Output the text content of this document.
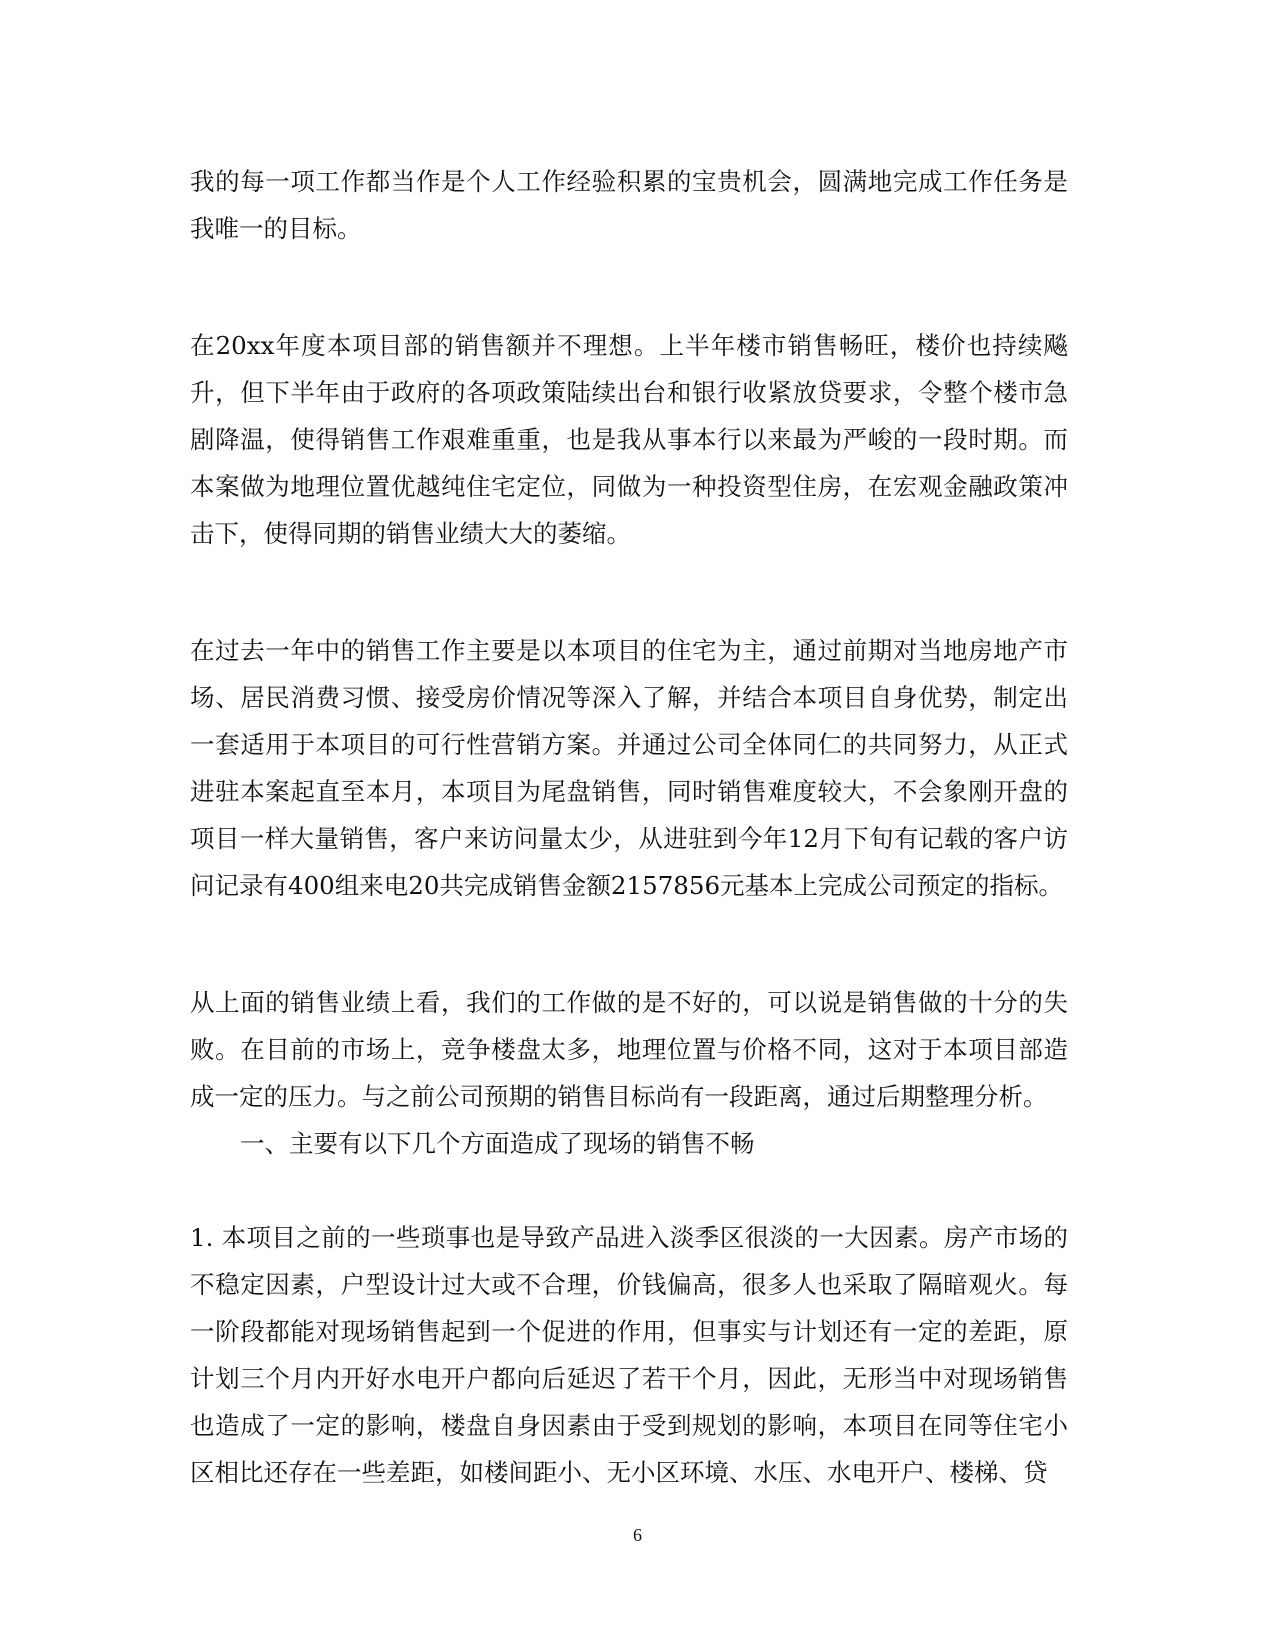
我的每一项工作都当作是个人工作经验积累的宝贵机会，圆满地完成工作任务是我唯一的目标。

在20xx年度本项目部的销售额并不理想。上半年楼市销售畅旺，楼价也持续飚升，但下半年由于政府的各项政策陆续出台和银行收紧放贷要求，令整个楼市急剧降温，使得销售工作艰难重重，也是我从事本行以来最为严峻的一段时期。而本案做为地理位置优越纯住宅定位，同做为一种投资型住房，在宏观金融政策冲击下，使得同期的销售业绩大大的萎缩。

在过去一年中的销售工作主要是以本项目的住宅为主，通过前期对当地房地产市场、居民消费习惯、接受房价情况等深入了解，并结合本项目自身优势，制定出一套适用于本项目的可行性营销方案。并通过公司全体同仁的共同努力，从正式进驻本案起直至本月，本项目为尾盘销售，同时销售难度较大，不会象刚开盘的项目一样大量销售，客户来访问量太少，从进驻到今年12月下旬有记载的客户访问记录有400组来电20共完成销售金额2157856元基本上完成公司预定的指标。

从上面的销售业绩上看，我们的工作做的是不好的，可以说是销售做的十分的失败。在目前的市场上，竞争楼盘太多，地理位置与价格不同，这对于本项目部造成一定的压力。与之前公司预期的销售目标尚有一段距离，通过后期整理分析。

一、主要有以下几个方面造成了现场的销售不畅

1. 本项目之前的一些琐事也是导致产品进入淡季区很淡的一大因素。房产市场的不稳定因素，户型设计过大或不合理，价钱偏高，很多人也采取了隔暗观火。每一阶段都能对现场销售起到一个促进的作用，但事实与计划还有一定的差距，原计划三个月内开好水电开户都向后延迟了若干个月，因此，无形当中对现场销售也造成了一定的影响，楼盘自身因素由于受到规划的影响，本项目在同等住宅小区相比还存在一些差距，如楼间距小、无小区环境、水压、水电开户、楼梯、贷

6
